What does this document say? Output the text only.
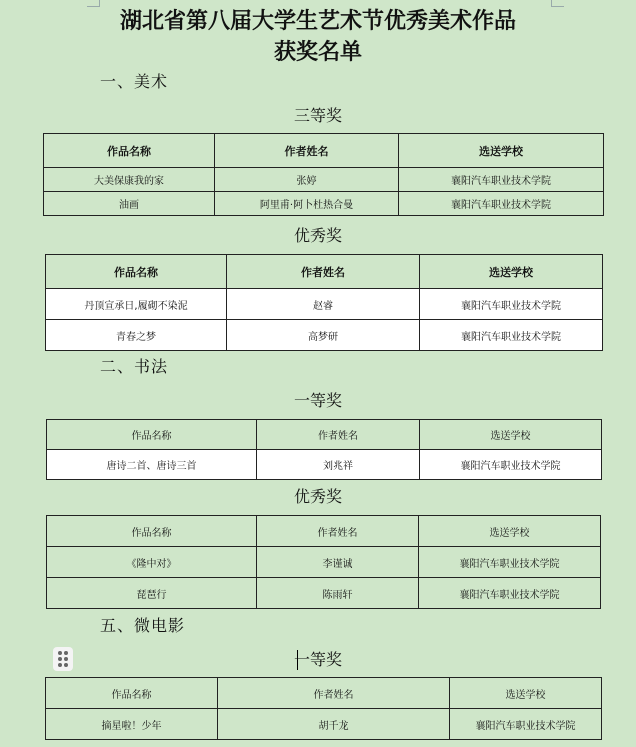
湖北省第八届大学生艺术节优秀美术作品
获奖名单
一、美术
三等奖
作品名称	作者姓名	选送学校
大美保康我的家	张婷	襄阳汽车职业技术学院
油画	阿里甫·阿卜杜热合曼	襄阳汽车职业技术学院
优秀奖
作品名称	作者姓名	选送学校
丹顶宣承日,履砌不染泥	赵睿	襄阳汽车职业技术学院
青春之梦	高梦研	襄阳汽车职业技术学院
二、书法
一等奖
作品名称	作者姓名	选送学校
唐诗二首、唐诗三首	刘兆祥	襄阳汽车职业技术学院
优秀奖
作品名称	作者姓名	选送学校
《隆中对》	李谨诚	襄阳汽车职业技术学院
琵琶行	陈雨轩	襄阳汽车职业技术学院
五、微电影
一等奖
作品名称	作者姓名	选送学校
摘星啦！少年	胡千龙	襄阳汽车职业技术学院
